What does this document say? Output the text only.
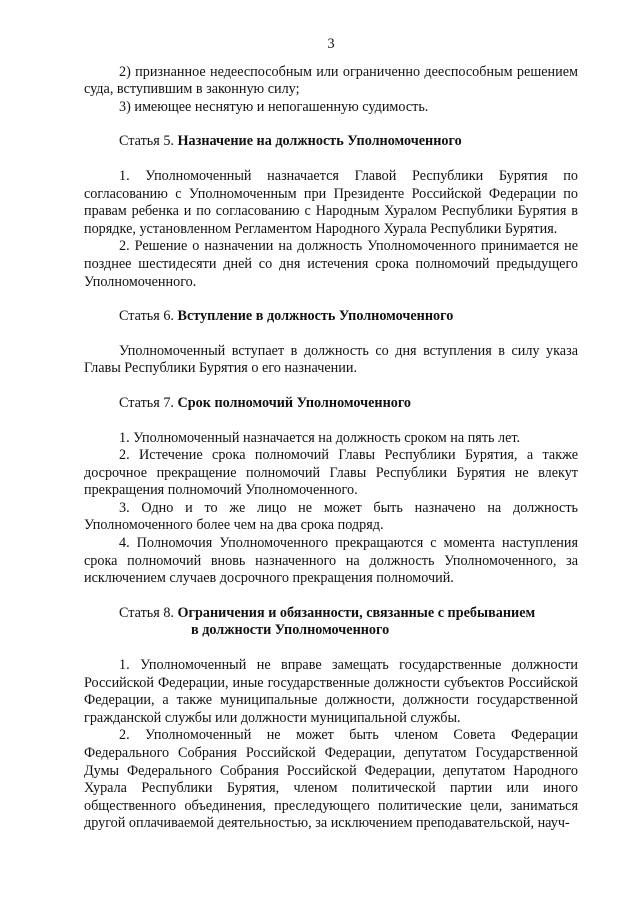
3

2) признанное недееспособным или ограниченно дееспособным решением суда, вступившим в законную силу;

3) имеющее неснятую и непогашенную судимость.

Статья 5. Назначение на должность Уполномоченного

1. Уполномоченный назначается Главой Республики Бурятия по согласованию с Уполномоченным при Президенте Российской Федерации по правам ребенка и по согласованию с Народным Хуралом Республики Бурятия в порядке, установленном Регламентом Народного Хурала Республики Бурятия.

2. Решение о назначении на должность Уполномоченного принимается не позднее шестидесяти дней со дня истечения срока полномочий предыдущего Уполномоченного.

Статья 6. Вступление в должность Уполномоченного

Уполномоченный вступает в должность со дня вступления в силу указа Главы Республики Бурятия о его назначении.

Статья 7. Срок полномочий Уполномоченного

1. Уполномоченный назначается на должность сроком на пять лет.

2. Истечение срока полномочий Главы Республики Бурятия, а также досрочное прекращение полномочий Главы Республики Бурятия не влекут прекращения полномочий Уполномоченного.

3. Одно и то же лицо не может быть назначено на должность Уполномоченного более чем на два срока подряд.

4. Полномочия Уполномоченного прекращаются с момента наступления срока полномочий вновь назначенного на должность Уполномоченного, за исключением случаев досрочного прекращения полномочий.

Статья 8. Ограничения и обязанности, связанные с пребыванием
в должности Уполномоченного

1. Уполномоченный не вправе замещать государственные должности Российской Федерации, иные государственные должности субъектов Российской Федерации, а также муниципальные должности, должности государственной гражданской службы или должности муниципальной службы.

2. Уполномоченный не может быть членом Совета Федерации Федерального Собрания Российской Федерации, депутатом Государственной Думы Федерального Собрания Российской Федерации, депутатом Народного Хурала Республики Бурятия, членом политической партии или иного общественного объединения, преследующего политические цели, заниматься другой оплачиваемой деятельностью, за исключением преподавательской, науч-
